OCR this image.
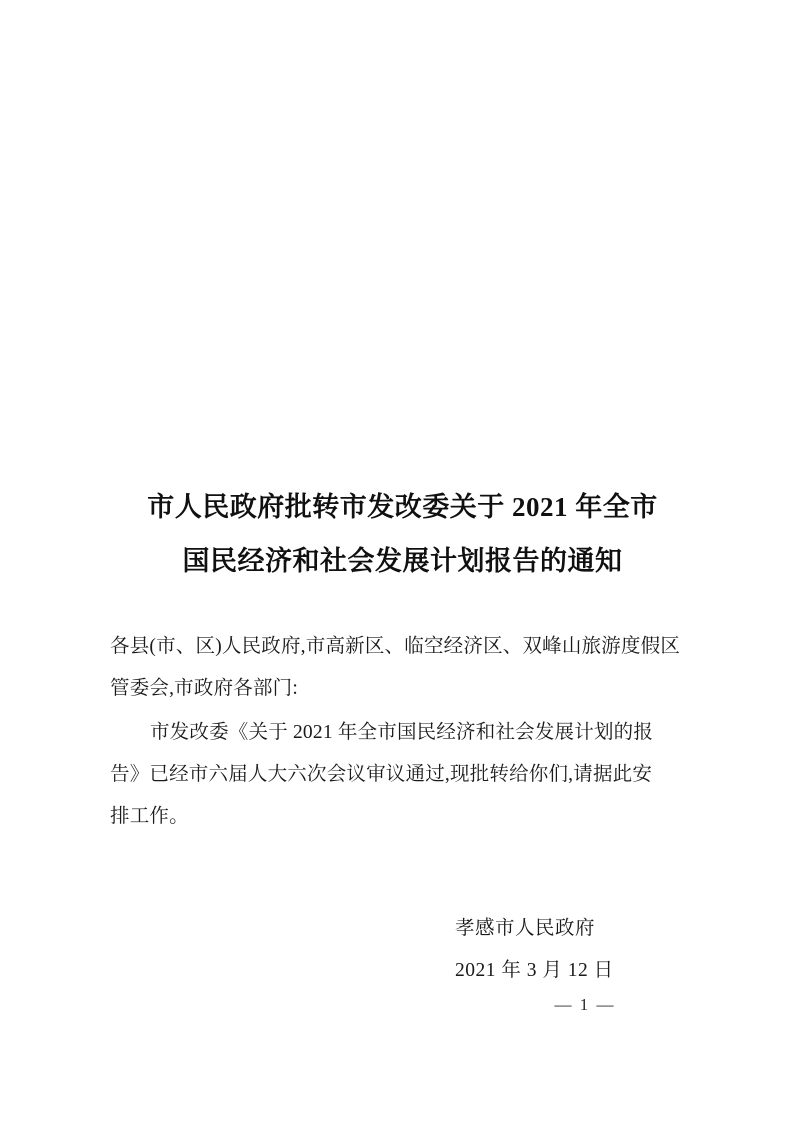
市人民政府批转市发改委关于 2021 年全市
国民经济和社会发展计划报告的通知
各县(市、区)人民政府,市高新区、临空经济区、双峰山旅游度假区
管委会,市政府各部门:
市发改委《关于 2021 年全市国民经济和社会发展计划的报
告》已经市六届人大六次会议审议通过,现批转给你们,请据此安
排工作。
孝感市人民政府
2021 年 3 月 12 日
— 1 —
